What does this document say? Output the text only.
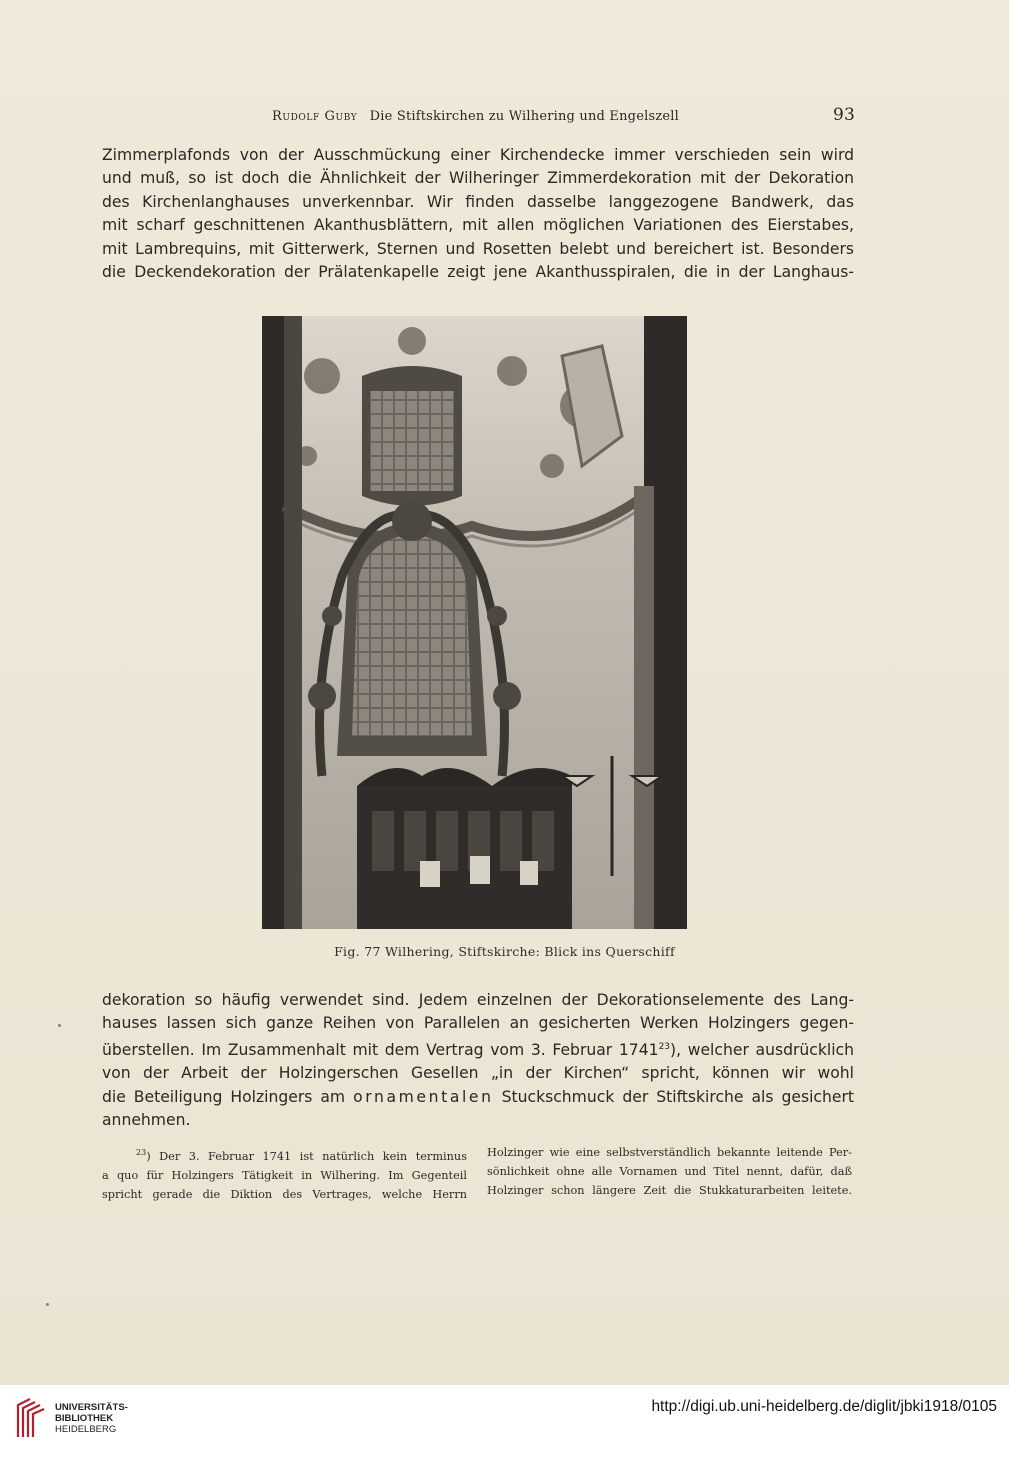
Rudolf Guby Die Stiftskirchen zu Wilhering und Engelszell	93

Zimmerplafonds von der Ausschmückung einer Kirchendecke immer verschieden sein wird
und muß, so ist doch die Ähnlichkeit der Wilheringer Zimmerdekoration mit der Dekoration
des Kirchenlanghauses unverkennbar. Wir finden dasselbe langgezogene Bandwerk, das
mit scharf geschnittenen Akanthusblättern, mit allen möglichen Variationen des Eierstabes,
mit Lambrequins, mit Gitterwerk, Sternen und Rosetten belebt und bereichert ist. Besonders
die Deckendekoration der Prälatenkapelle zeigt jene Akanthusspiralen, die in der Langhaus-

Fig. 77 Wilhering, Stiftskirche: Blick ins Querschiff

dekoration so häufig verwendet sind. Jedem einzelnen der Dekorationselemente des Lang-
hauses lassen sich ganze Reihen von Parallelen an gesicherten Werken Holzingers gegen-
überstellen. Im Zusammenhalt mit dem Vertrag vom 3. Februar 1741$^{23}$), welcher ausdrücklich
von der Arbeit der Holzingerschen Gesellen „in der Kirchen“ spricht, können wir wohl
die Beteiligung Holzingers am ornamentalen Stuckschmuck der Stiftskirche als gesichert
annehmen.

$^{23}$) Der 3. Februar 1741 ist natürlich kein terminus
a quo für Holzingers Tätigkeit in Wilhering. Im Gegenteil
spricht gerade die Diktion des Vertrages, welche Herrn
Holzinger wie eine selbstverständlich bekannte leitende Per-
sönlichkeit ohne alle Vornamen und Titel nennt, dafür, daß
Holzinger schon längere Zeit die Stukkaturarbeiten leitete.
UNIVERSITÄTS-
BIBLIOTHEK
HEIDELBERG
http://digi.ub.uni-heidelberg.de/diglit/jbki1918/0105
